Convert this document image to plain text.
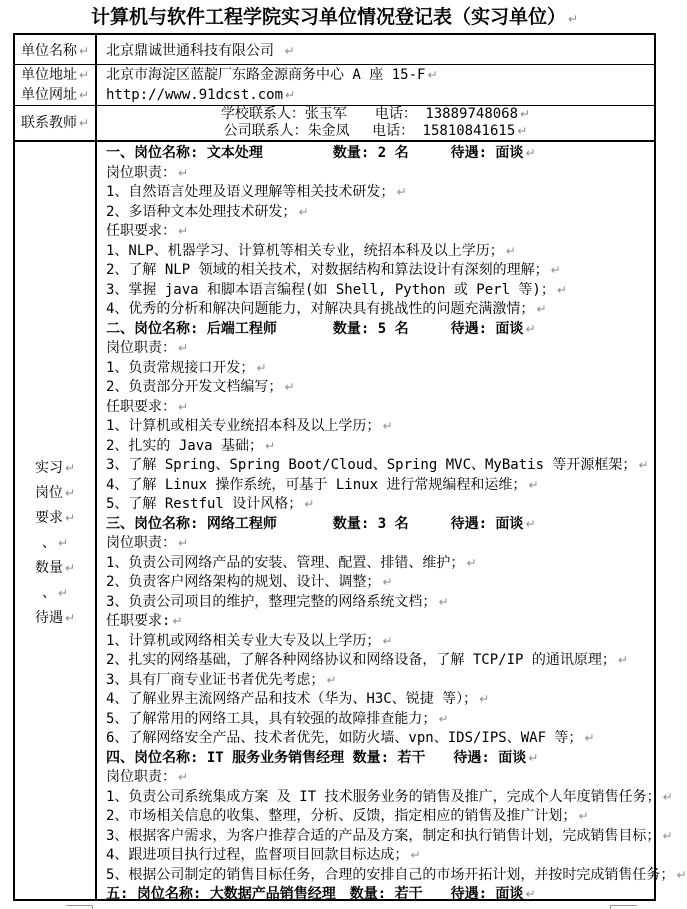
计算机与软件工程学院实习单位情况登记表（实习单位） ↵
单位名称 ↵ 北京鼎诚世通科技有限公司 ↵
单位地址 ↵
单位网址 ↵
北京市海淀区蓝靛厂东路金源商务中心 A 座 15-F ↵
http://www.91dcst.com ↵
联系教师 ↵
学校联系人：张玉军　　电话： 13889748068 ↵
公司联系人：朱金凤　 电话： 15810841615 ↵
实习 ↵
岗位 ↵
要求 ↵
、 ↵
数量 ↵
、 ↵
待遇 ↵
一、岗位名称: 文本处理　　　　　数量: 2 名　　　待遇: 面谈 ↵
岗位职责： ↵
1、自然语言处理及语义理解等相关技术研发； ↵
2、多语种文本处理技术研发； ↵
任职要求： ↵
1、NLP、机器学习、计算机等相关专业，统招本科及以上学历； ↵
2、了解 NLP 领域的相关技术，对数据结构和算法设计有深刻的理解； ↵
3、掌握 java 和脚本语言编程(如 Shell, Python 或 Perl 等)； ↵
4、优秀的分析和解决问题能力，对解决具有挑战性的问题充满激情； ↵
二、岗位名称: 后端工程师　　　　数量: 5 名　　　待遇: 面谈 ↵
岗位职责： ↵
1、负责常规接口开发； ↵
2、负责部分开发文档编写； ↵
任职要求： ↵
1、计算机或相关专业统招本科及以上学历； ↵
2、扎实的 Java 基础； ↵
3、了解 Spring、Spring Boot/Cloud、Spring MVC、MyBatis 等开源框架； ↵
4、了解 Linux 操作系统，可基于 Linux 进行常规编程和运维； ↵
5、了解 Restful 设计风格； ↵
三、岗位名称: 网络工程师　　　　数量: 3 名　　　待遇: 面谈 ↵
岗位职责： ↵
1、负责公司网络产品的安装、管理、配置、排错、维护； ↵
2、负责客户网络架构的规划、设计、调整； ↵
3、负责公司项目的维护，整理完整的网络系统文档； ↵
任职要求: ↵
1、计算机或网络相关专业大专及以上学历； ↵
2、扎实的网络基础，了解各种网络协议和网络设备，了解 TCP/IP 的通讯原理； ↵
3、具有厂商专业证书者优先考虑； ↵
4、了解业界主流网络产品和技术（华为、H3C、锐捷 等）； ↵
5、了解常用的网络工具，具有较强的故障排查能力； ↵
6、了解网络安全产品、技术者优先，如防火墙、vpn、IDS/IPS、WAF 等； ↵
四、岗位名称: IT 服务业务销售经理 数量: 若干　　待遇: 面谈 ↵
岗位职责： ↵
1、负责公司系统集成方案 及 IT 技术服务业务的销售及推广，完成个人年度销售任务； ↵
2、市场相关信息的收集、整理，分析、反馈，指定相应的销售及推广计划； ↵
3、根据客户需求，为客户推荐合适的产品及方案，制定和执行销售计划，完成销售目标； ↵
4、跟进项目执行过程，监督项目回款目标达成； ↵
5、根据公司制定的销售目标任务，合理的安排自己的市场开拓计划，并按时完成销售任务； ↵
五: 岗位名称: 大数据产品销售经理　数量: 若干　　待遇: 面谈 ↵
